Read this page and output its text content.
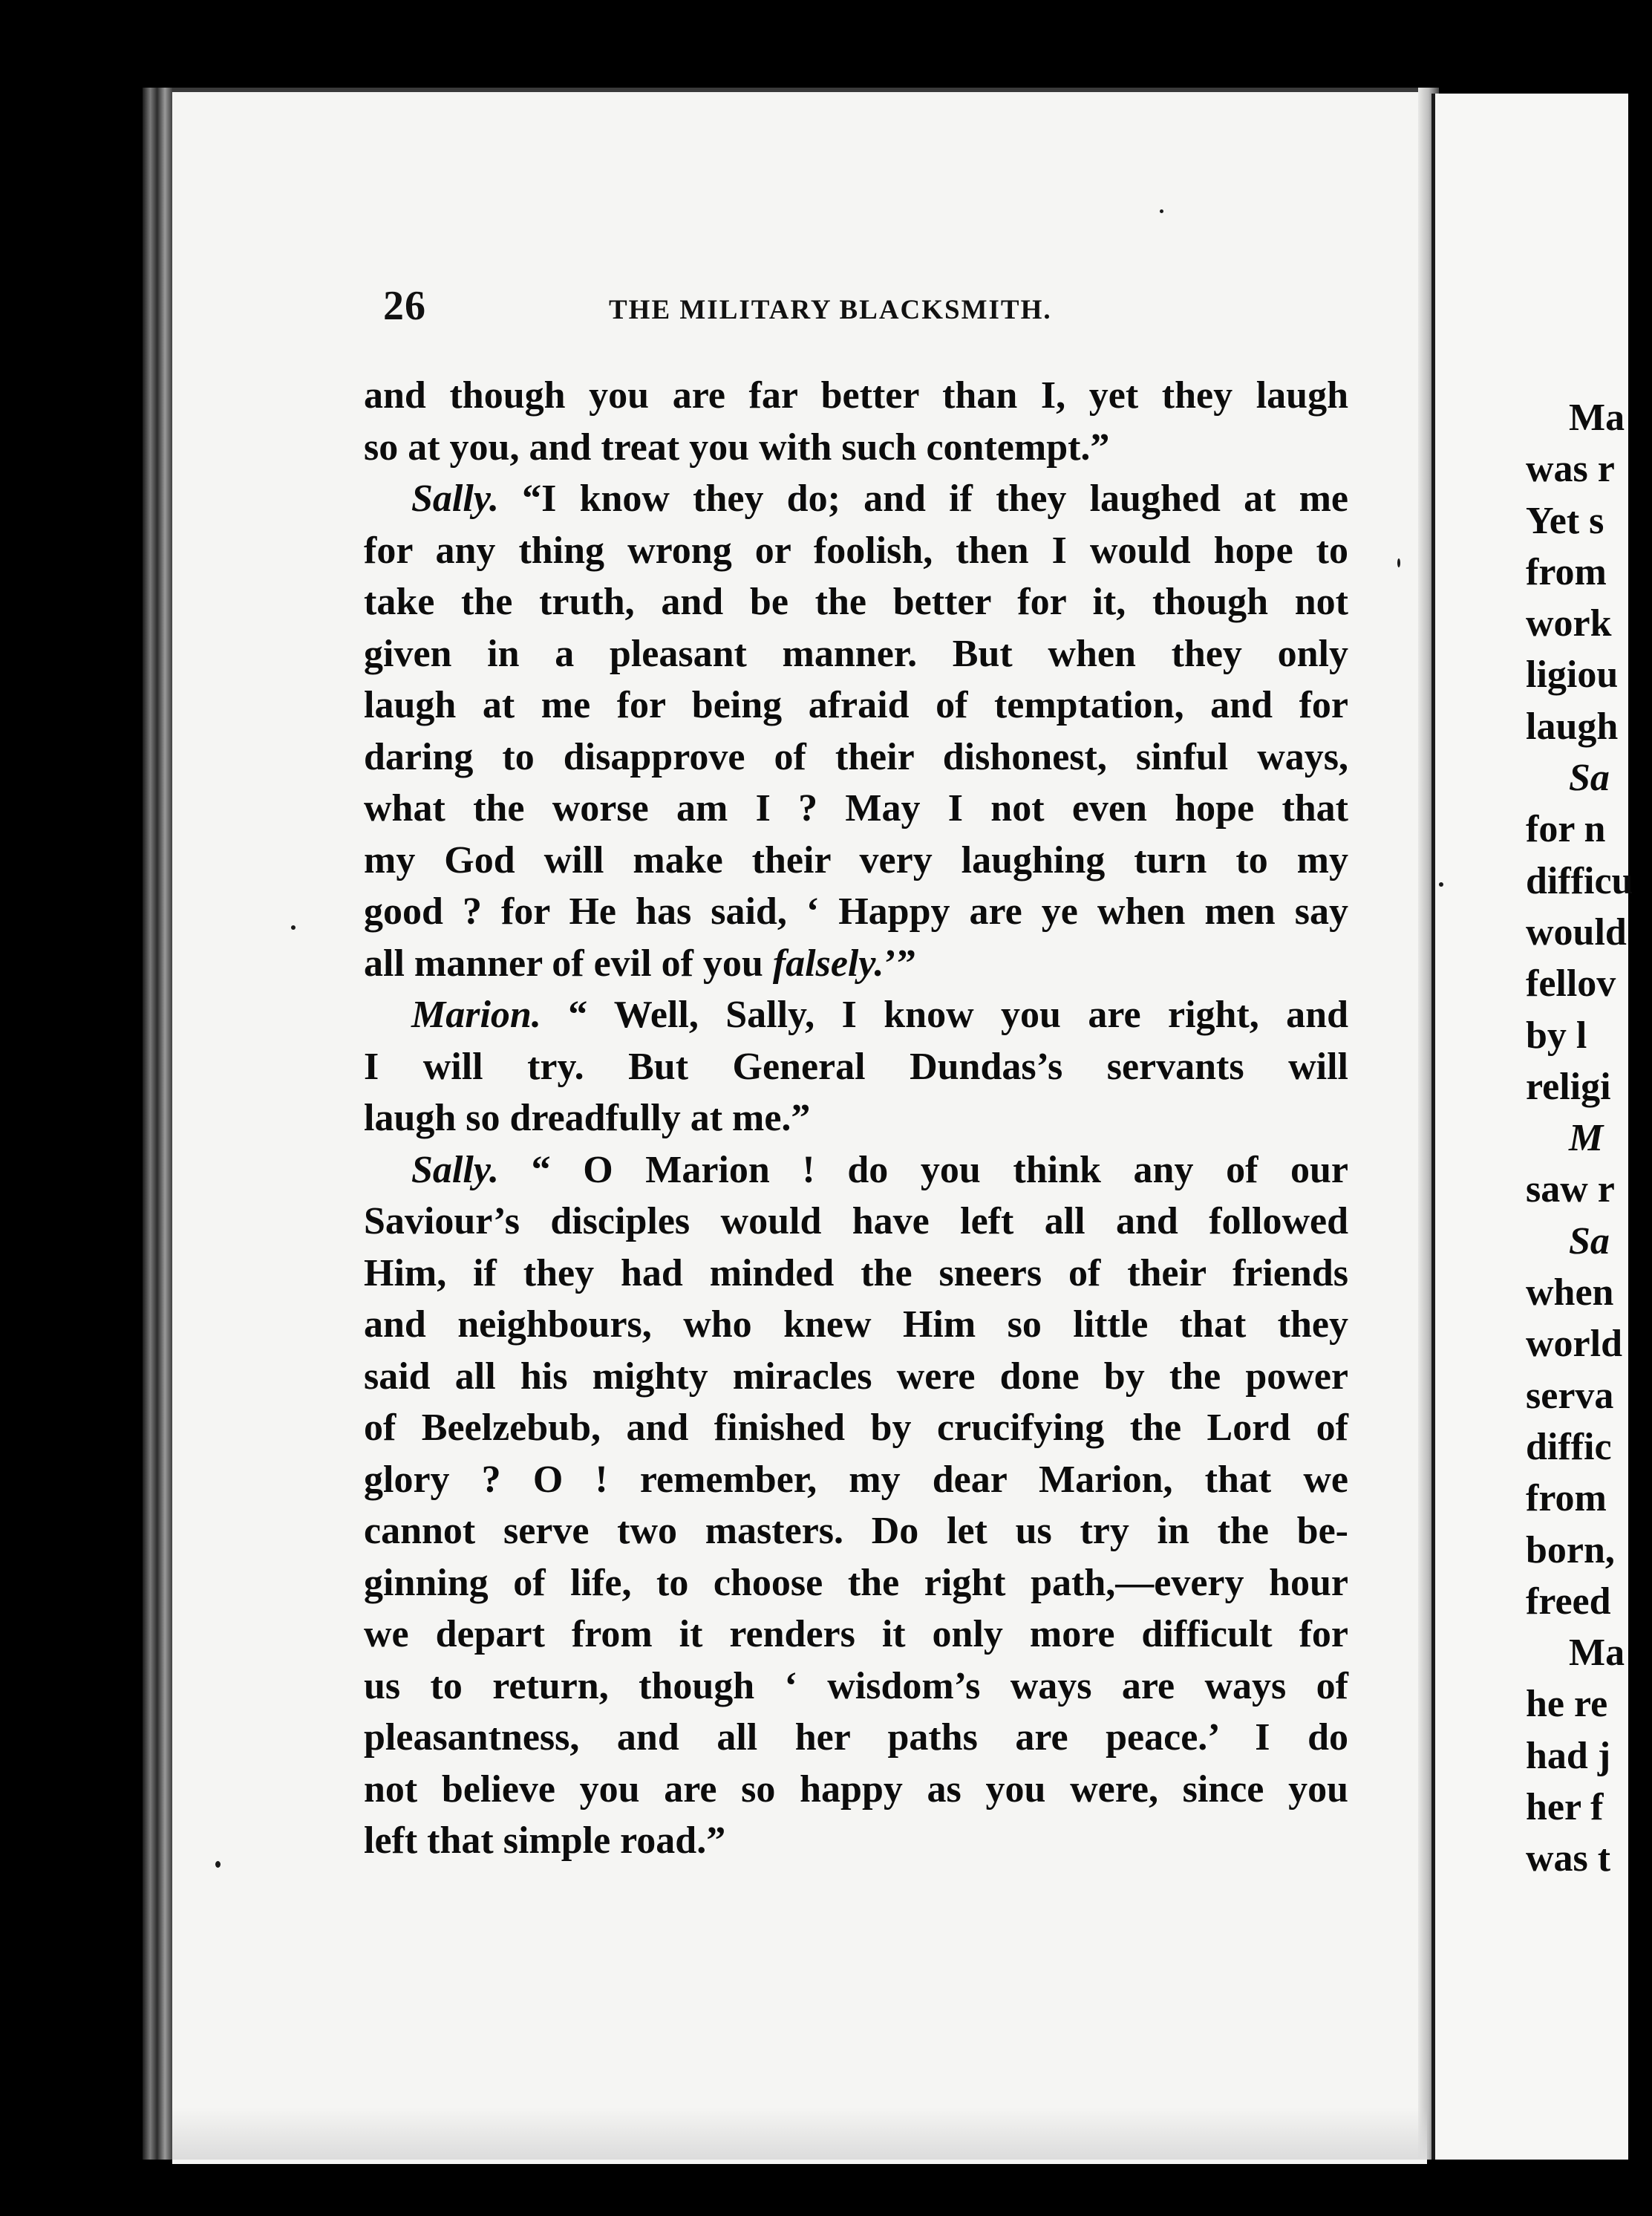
26	THE MILITARY BLACKSMITH.
and though you are far better than I, yet they laugh
so at you, and treat you with such contempt.”
Sally. “I know they do; and if they laughed at me
for any thing wrong or foolish, then I would hope to
take the truth, and be the better for it, though not
given in a pleasant manner. But when they only
laugh at me for being afraid of temptation, and for
daring to disapprove of their dishonest, sinful ways,
what the worse am I ? May I not even hope that
my God will make their very laughing turn to my
good ? for He has said, ‘ Happy are ye when men say
all manner of evil of you falsely.’”
Marion. “ Well, Sally, I know you are right, and
I will try. But General Dundas’s servants will
laugh so dreadfully at me.”
Sally. “ O Marion ! do you think any of our
Saviour’s disciples would have left all and followed
Him, if they had minded the sneers of their friends
and neighbours, who knew Him so little that they
said all his mighty miracles were done by the power
of Beelzebub, and finished by crucifying the Lord of
glory ? O ! remember, my dear Marion, that we
cannot serve two masters. Do let us try in the be-
ginning of life, to choose the right path,—every hour
we depart from it renders it only more difficult for
us to return, though ‘ wisdom’s ways are ways of
pleasantness, and all her paths are peace.’ I do
not believe you are so happy as you were, since you
left that simple road.”
Ma
was r
Yet s
from
work
ligiou
laugh
Sa
for n
difficu
would
fellov
by l
religi
M
saw r
Sa
when
world
serva
diffic
from
born,
freed
Ma
he re
had j
her f
was t
